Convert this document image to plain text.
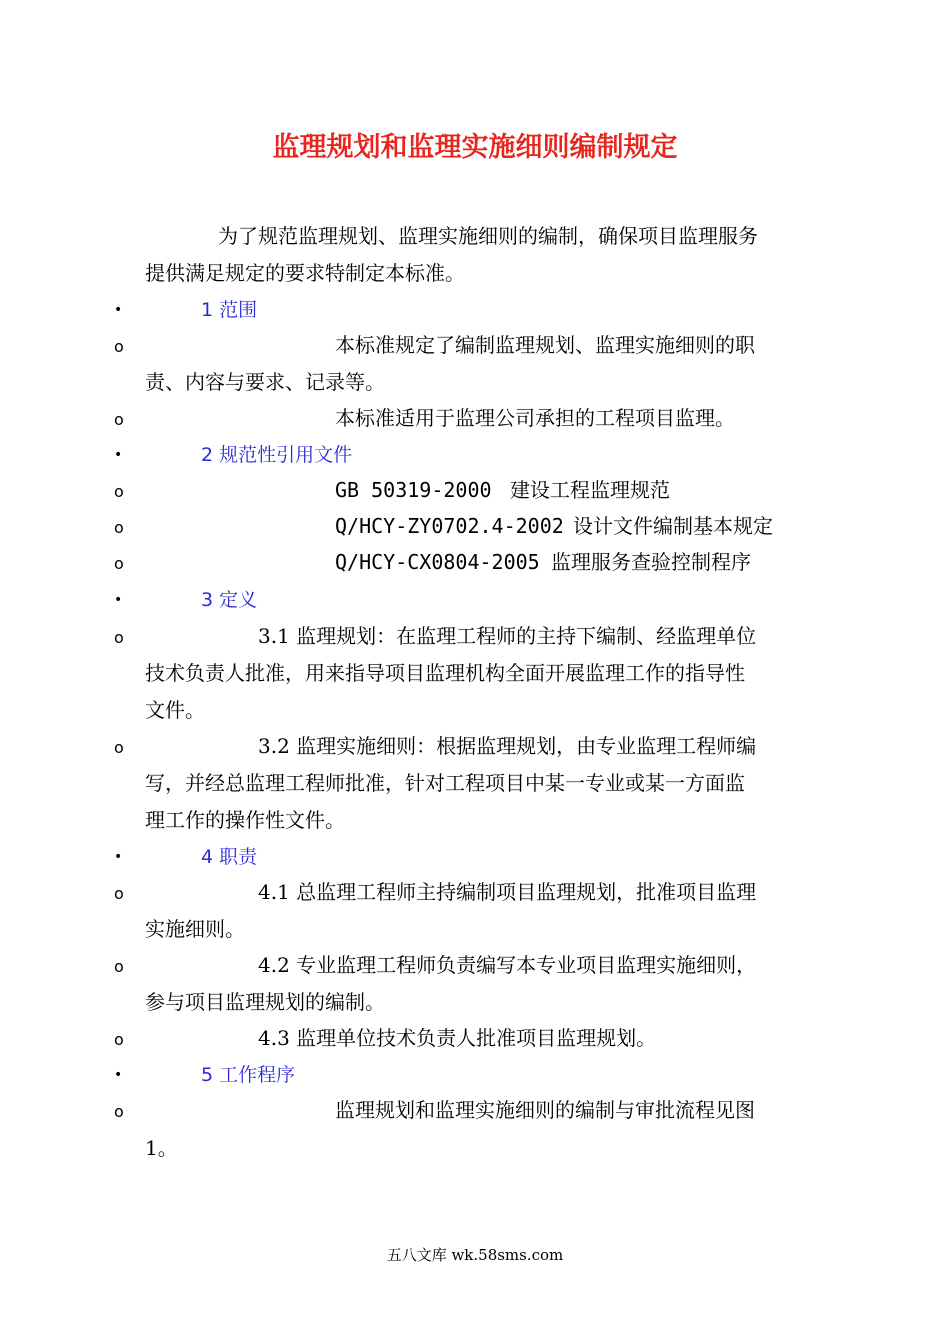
监理规划和监理实施细则编制规定
为了规范监理规划、监理实施细则的编制，确保项目监理服务
提供满足规定的要求特制定本标准。
•	1 范围
o	本标准规定了编制监理规划、监理实施细则的职
责、内容与要求、记录等。
o	本标准适用于监理公司承担的工程项目监理。
•	2 规范性引用文件
o	GB 50319-2000 建设工程监理规范
o	Q/HCY-ZY0702.4-2002 设计文件编制基本规定
o	Q/HCY-CX0804-2005 监理服务查验控制程序
•	3 定义
o	3.1 监理规划：在监理工程师的主持下编制、经监理单位
技术负责人批准，用来指导项目监理机构全面开展监理工作的指导性
文件。
o	3.2 监理实施细则：根据监理规划，由专业监理工程师编
写，并经总监理工程师批准，针对工程项目中某一专业或某一方面监
理工作的操作性文件。
•	4 职责
o	4.1 总监理工程师主持编制项目监理规划，批准项目监理
实施细则。
o	4.2 专业监理工程师负责编写本专业项目监理实施细则，
参与项目监理规划的编制。
o	4.3 监理单位技术负责人批准项目监理规划。
•	5 工作程序
o	监理规划和监理实施细则的编制与审批流程见图
1。
五八文库 wk.58sms.com
